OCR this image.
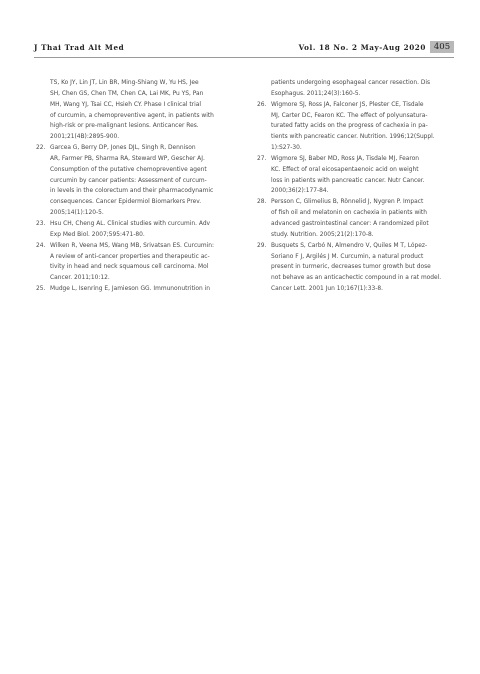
J Thai Trad Alt Med	Vol. 18 No. 2 May-Aug 2020 405
TS, Ko JY, Lin JT, Lin BR, Ming-Shiang W, Yu HS, Jee
SH, Chen GS, Chen TM, Chen CA, Lai MK, Pu YS, Pan
MH, Wang YJ, Tsai CC, Hsieh CY. Phase I clinical trial
of curcumin, a chemopreventive agent, in patients with
high-risk or pre-malignant lesions. Anticancer Res.
2001;21(4B):2895-900.
22. Garcea G, Berry DP, Jones DJL, Singh R, Dennison
AR, Farmer PB, Sharma RA, Steward WP, Gescher AJ.
Consumption of the putative chemopreventive agent
curcumin by cancer patients: Assessment of curcum-
in levels in the colorectum and their pharmacodynamic
consequences. Cancer Epidermiol Biomarkers Prev.
2005;14(1):120-5.
23. Hsu CH, Cheng AL. Clinical studies with curcumin. Adv
Exp Med Biol. 2007;595:471-80.
24. Wilken R, Veena MS, Wang MB, Srivatsan ES. Curcumin:
A review of anti-cancer properties and therapeutic ac-
tivity in head and neck squamous cell carcinoma. Mol
Cancer. 2011;10:12.
25. Mudge L, Isenring E, Jamieson GG. Immunonutrition in
patients undergoing esophageal cancer resection. Dis
Esophagus. 2011;24(3):160-5.
26. Wigmore SJ, Ross JA, Falconer JS, Plester CE, Tisdale
MJ, Carter DC, Fearon KC. The effect of polyunsatura-
turated fatty acids on the progress of cachexia in pa-
tients with pancreatic cancer. Nutrition. 1996;12(Suppl.
1):S27-30.
27. Wigmore SJ, Baber MD, Ross JA, Tisdale MJ, Fearon
KC. Effect of oral eicosapentaenoic acid on weight
loss in patients with pancreatic cancer. Nutr Cancer.
2000;36(2):177-84.
28. Persson C, Glimelius B, Rönnelid J, Nygren P. Impact
of fish oil and melatonin on cachexia in patients with
advanced gastrointestinal cancer: A randomized pilot
study. Nutrition. 2005;21(2):170-8.
29. Busquets S, Carbó N, Almendro V, Quiles M T, López-
Soriano F J, Argilés J M. Curcumin, a natural product
present in turmeric, decreases tumor growth but dose
not behave as an anticachectic compound in a rat model.
Cancer Lett. 2001 Jun 10;167(1):33-8.
